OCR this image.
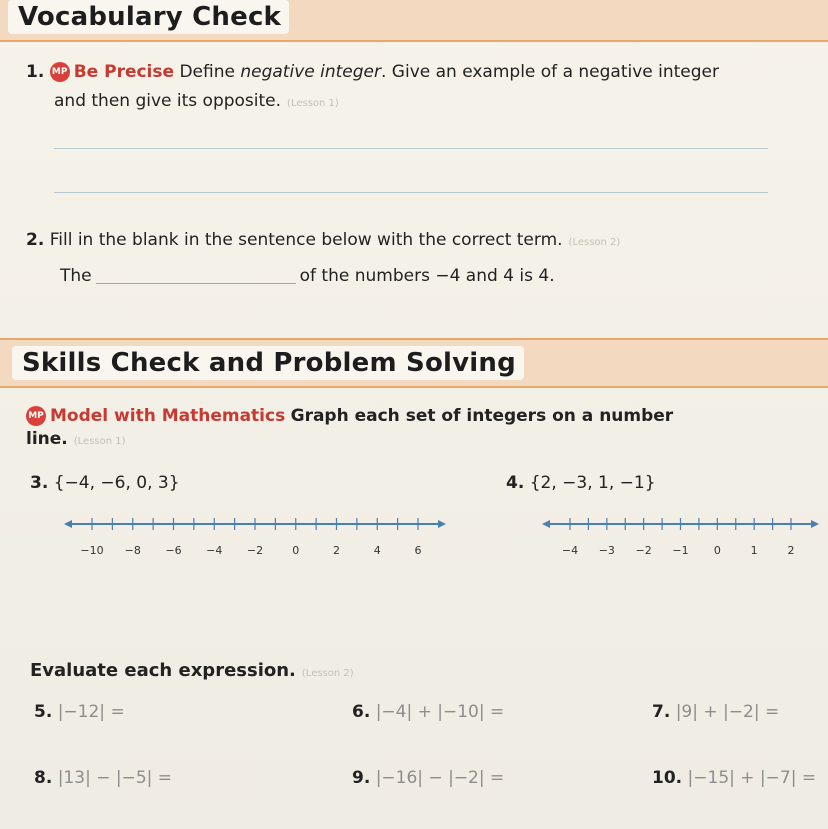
Vocabulary Check
1. MP Be Precise Define negative integer. Give an example of a negative integer
and then give its opposite. (Lesson 1)
2. Fill in the blank in the sentence below with the correct term. (Lesson 2)
The	of the numbers −4 and 4 is 4.
Skills Check and Problem Solving
MP Model with Mathematics Graph each set of integers on a number
line. (Lesson 1)
3. {−4, −6, 0, 3}
−10 −8 −6 −4 −2	0	2	4	6

4. {2, −3, 1, −1}
−4 −3 −2 −1 0	1	2
Evaluate each expression. (Lesson 2)
5. |−12| =	6. |−4| + |−10| =	7. |9| + |−2| =
8. |13| − |−5| =	9. |−16| − |−2| =	10. |−15| + |−7| =
